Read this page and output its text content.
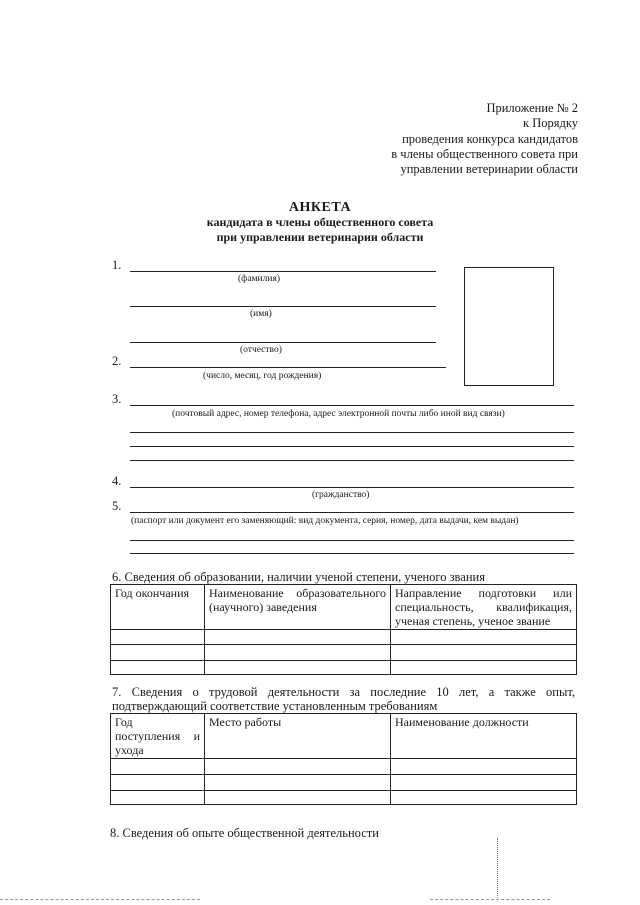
Приложение № 2
к Порядку
проведения конкурса кандидатов
в члены общественного совета при
управлении ветеринарии области
АНКЕТА
кандидата в члены общественного совета
при управлении ветеринарии области
1.
(фамилия)
(имя)
(отчество)
2.
(число, месяц, год рождения)
3.
(почтовый адрес, номер телефона, адрес электронной почты либо иной вид связи)
4.
(гражданство)
5.
(паспорт или документ его заменяющий: вид документа, серия, номер, дата выдачи, кем выдан)
6. Сведения об образовании, наличии ученой степени, ученого звания
Год окончания	Наименование образовательного (научного) заведения	Направление подготовки или специальность, квалификация, ученая степень, ученое звание

7. Сведения о трудовой деятельности за последние 10 лет, а также опыт,
подтверждающий соответствие установленным требованиям
Год поступления и ухода	Место работы	Наименование должности

8. Сведения об опыте общественной деятельности
